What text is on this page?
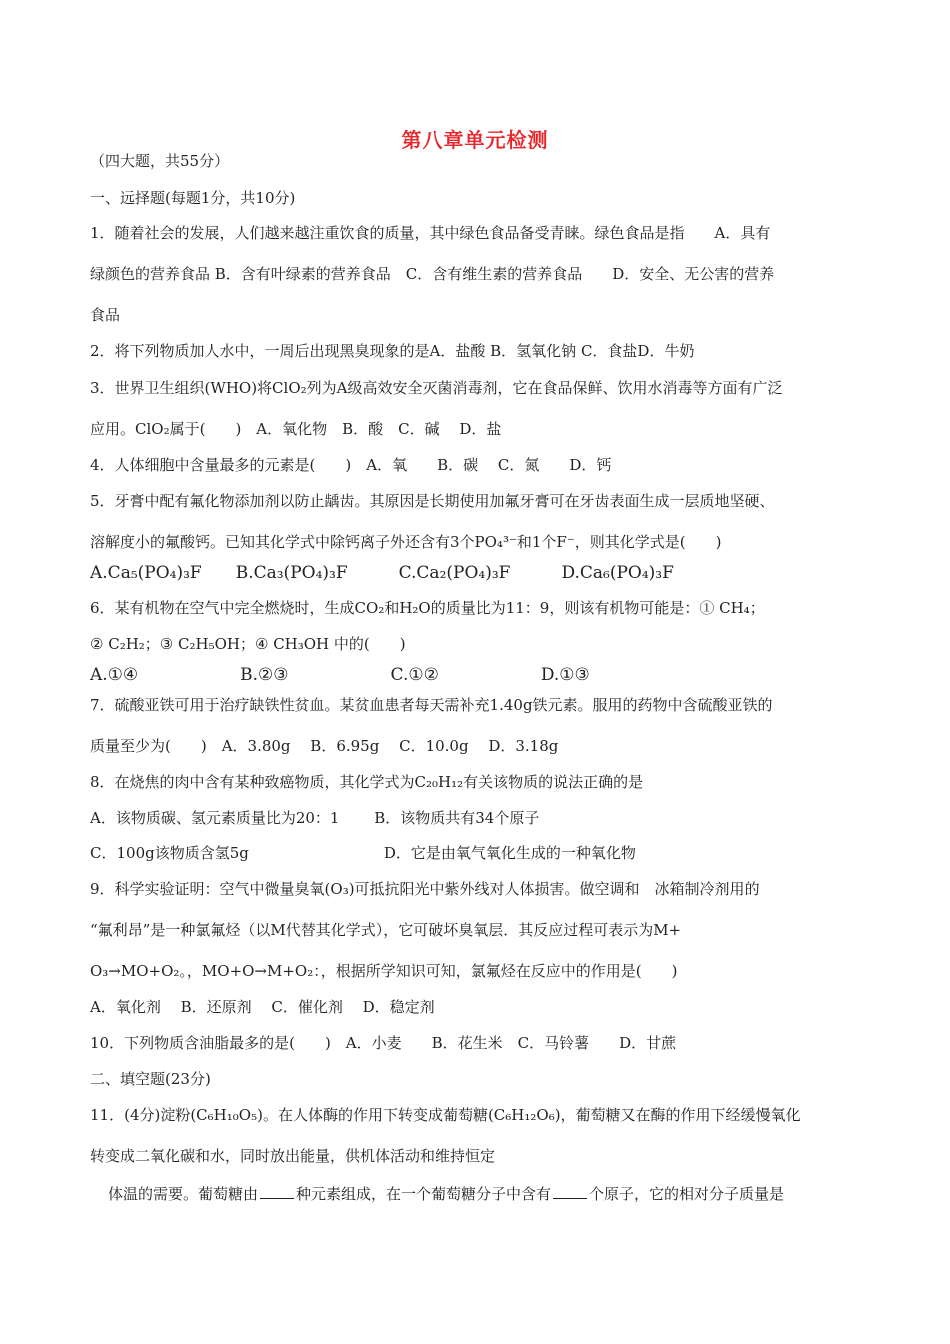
第八章单元检测
（四大题，共55分）
一、远择题(每题1分，共10分)
1．随着社会的发展，人们越来越注重饮食的质量，其中绿色食品备受青睐。绿色食品是指　　A．具有
绿颜色的营养食品 B．含有叶绿素的营养食品　C．含有维生素的营养食品　　D．安全、无公害的营养
食品
2．将下列物质加人水中，一周后出现黑臭现象的是A．盐酸 B．氢氧化钠 C．食盐D．牛奶
3．世界卫生组织(WHO)将ClO₂列为A级高效安全灭菌消毒剂，它在食品保鲜、饮用水消毒等方面有广泛
应用。ClO₂属于(　　)　A．氧化物　B．酸　C．碱　 D．盐
4．人体细胞中含量最多的元素是(　　)　A．氧　　B．碳　 C．氮　　D．钙
5．牙膏中配有氟化物添加剂以防止龋齿。其原因是长期使用加氟牙膏可在牙齿表面生成一层质地坚硬、
溶解度小的氟酸钙。已知其化学式中除钙离子外还含有3个PO₄³⁻和1个F⁻，则其化学式是(　　)
A.Ca₅(PO₄)₃F　　B.Ca₃(PO₄)₃F　　　C.Ca₂(PO₄)₃F　　　D.Ca₆(PO₄)₃F
6．某有机物在空气中完全燃烧时，生成CO₂和H₂O的质量比为11：9，则该有机物可能是：① CH₄；
② C₂H₂；③ C₂H₅OH；④ CH₃OH 中的(　　)
A.①④　　　　　　B.②③　　　　　　C.①②　　　　　　D.①③
7．硫酸亚铁可用于治疗缺铁性贫血。某贫血患者每天需补充1.40g铁元素。服用的药物中含硫酸亚铁的
质量至少为(　　)　A．3.80g　 B．6.95g　 C．10.0g　 D．3.18g
8．在烧焦的肉中含有某种致癌物质，其化学式为C₂₀H₁₂有关该物质的说法正确的是
A．该物质碳、氢元素质量比为20：1　　 B．该物质共有34个原子
C．100g该物质含氢5g　　　　　　　　　D．它是由氧气氧化生成的一种氧化物
9．科学实验证明：空气中微量臭氧(O₃)可抵抗阳光中紫外线对人体损害。做空调和　冰箱制冷剂用的
“氟利昂”是一种氯氟烃（以M代替其化学式），它可破坏臭氧层．其反应过程可表示为M+
O₃→MO+O₂。，MO+O→M+O₂：，根据所学知识可知，氯氟烃在反应中的作用是(　　)
A．氧化剂　 B．还原剂　 C．催化剂　 D．稳定剂
10．下列物质含油脂最多的是(　　)　A．小麦　　B．花生米　C．马铃薯　　D．甘蔗
二、填空题(23分)
11．(4分)淀粉(C₆H₁₀O₅)。在人体酶的作用下转变成葡萄糖(C₆H₁₂O₆)，葡萄糖又在酶的作用下经缓慢氧化
转变成二氧化碳和水，同时放出能量，供机体活动和维持恒定
体温的需要。葡萄糖由	种元素组成，在一个葡萄糖分子中含有	个原子，它的相对分子质量是
